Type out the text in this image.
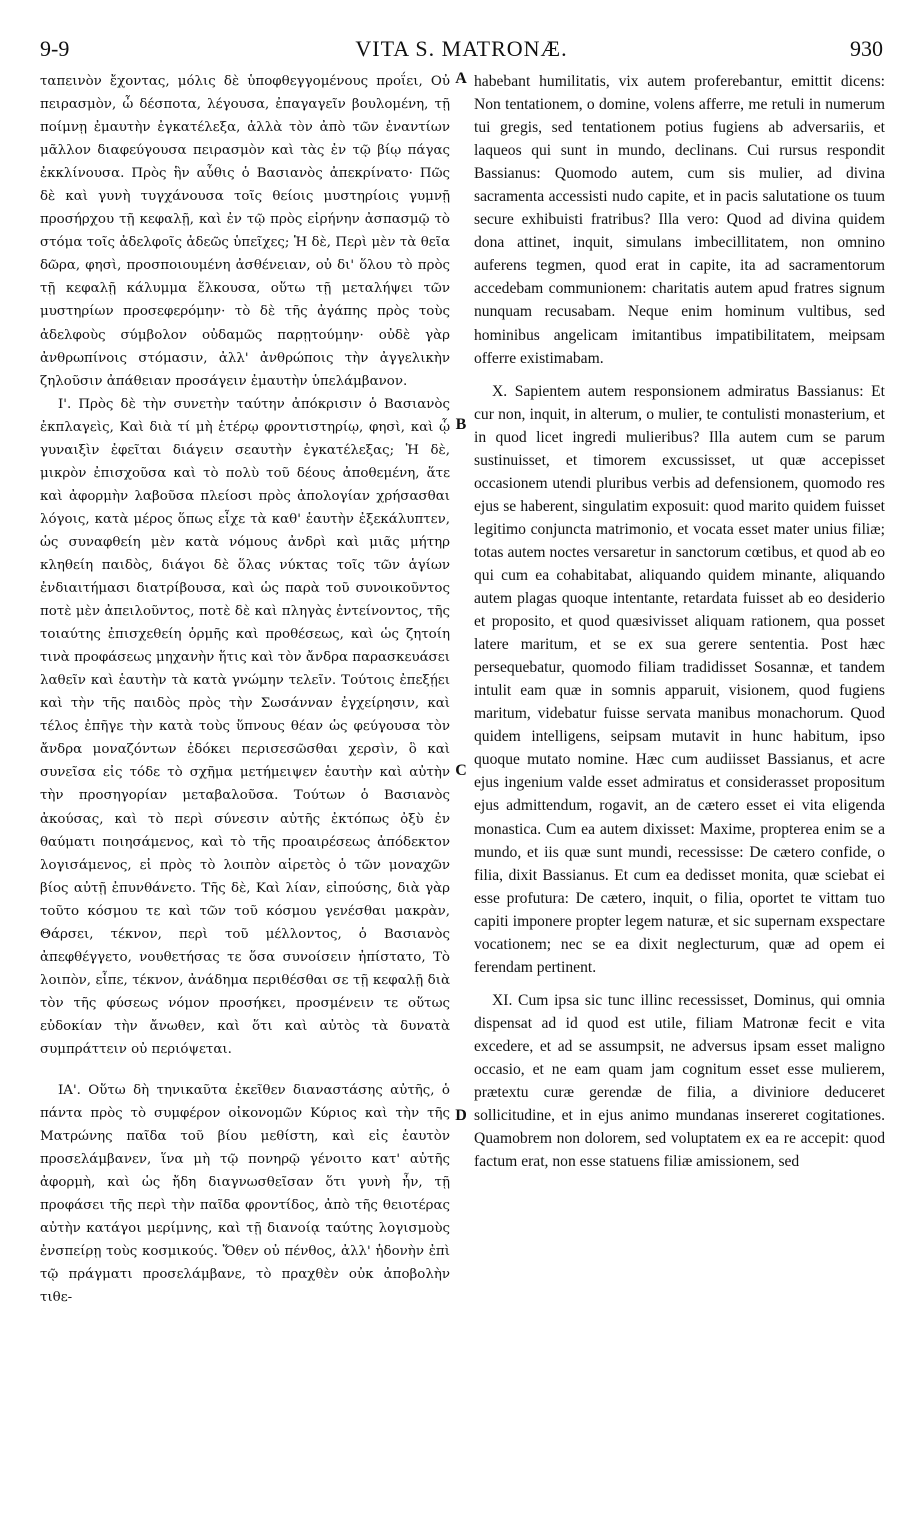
9-9	VITA S. MATRONÆ.	930

ταπεινὸν ἔχοντας, μόλις δὲ ὑποφθεγγομένους προΐει, Οὐ πειρασμὸν, ὦ δέσποτα, λέγουσα, ἐπαγαγεῖν βουλομένη, τῇ ποίμνῃ ἐμαυτὴν ἐγκατέλεξα, ἀλλὰ τὸν ἀπὸ τῶν ἐναντίων μᾶλλον διαφεύγουσα πειρασμὸν καὶ τὰς ἐν τῷ βίῳ πάγας ἐκκλίνουσα. Πρὸς ἣν αὖθις ὁ Βασιανὸς ἀπεκρίνατο· Πῶς δὲ καὶ γυνὴ τυγχάνουσα τοῖς θείοις μυστηρίοις γυμνῇ προσήρχου τῇ κεφαλῇ, καὶ ἐν τῷ πρὸς εἰρήνην ἀσπασμῷ τὸ στόμα τοῖς ἀδελφοῖς ἀδεῶς ὑπεῖχες; Ἡ δὲ, Περὶ μὲν τὰ θεῖα δῶρα, φησὶ, προσποιουμένη ἀσθένειαν, οὐ δι' ὅλου τὸ πρὸς τῇ κεφαλῇ κάλυμμα ἕλκουσα, οὕτω τῇ μεταλήψει τῶν μυστηρίων προσεφερόμην· τὸ δὲ τῆς ἀγάπης πρὸς τοὺς ἀδελφοὺς σύμβολον οὐδαμῶς παρῃτούμην· οὐδὲ γὰρ ἀνθρωπίνοις στόμασιν, ἀλλ' ἀνθρώποις τὴν ἀγγελικὴν ζηλοῦσιν ἀπάθειαν προσάγειν ἐμαυτὴν ὑπελάμβανον.

Ι'. Πρὸς δὲ τὴν συνετὴν ταύτην ἀπόκρισιν ὁ Βασιανὸς ἐκπλαγεὶς, Καὶ διὰ τί μὴ ἑτέρῳ φροντιστηρίῳ, φησὶ, καὶ ᾧ γυναιξὶν ἐφεῖται διάγειν σεαυτὴν ἐγκατέλεξας; Ἡ δὲ, μικρὸν ἐπισχοῦσα καὶ τὸ πολὺ τοῦ δέους ἀποθεμένη, ἅτε καὶ ἀφορμὴν λαβοῦσα πλείοσι πρὸς ἀπολογίαν χρήσασθαι λόγοις, κατὰ μέρος ὅπως εἶχε τὰ καθ' ἑαυτὴν ἐξεκάλυπτεν, ὡς συναφθείη μὲν κατὰ νόμους ἀνδρὶ καὶ μιᾶς μήτηρ κληθείη παιδὸς, διάγοι δὲ ὅλας νύκτας τοῖς τῶν ἁγίων ἐνδιαιτήμασι διατρίβουσα, καὶ ὡς παρὰ τοῦ συνοικοῦντος ποτὲ μὲν ἀπειλοῦντος, ποτὲ δὲ καὶ πληγὰς ἐντείνοντος, τῆς τοιαύτης ἐπισχεθείη ὁρμῆς καὶ προθέσεως, καὶ ὡς ζητοίη τινὰ προφάσεως μηχανὴν ἥτις καὶ τὸν ἄνδρα παρασκευάσει λαθεῖν καὶ ἑαυτὴν τὰ κατὰ γνώμην τελεῖν. Τούτοις ἐπεξῄει καὶ τὴν τῆς παιδὸς πρὸς τὴν Σωσάνναν ἐγχείρησιν, καὶ τέλος ἐπῆγε τὴν κατὰ τοὺς ὕπνους θέαν ὡς φεύγουσα τὸν ἄνδρα μοναζόντων ἐδόκει περισεσῶσθαι χερσὶν, ὃ καὶ συνεῖσα εἰς τόδε τὸ σχῆμα μετήμειψεν ἑαυτὴν καὶ αὐτὴν τὴν προσηγορίαν μεταβαλοῦσα. Τούτων ὁ Βασιανὸς ἀκούσας, καὶ τὸ περὶ σύνεσιν αὐτῆς ἐκτόπως ὀξὺ ἐν θαύματι ποιησάμενος, καὶ τὸ τῆς προαιρέσεως ἀπόδεκτον λογισάμενος, εἰ πρὸς τὸ λοιπὸν αἱρετὸς ὁ τῶν μοναχῶν βίος αὐτῇ ἐπυνθάνετο. Τῆς δὲ, Καὶ λίαν, εἰπούσης, διὰ γὰρ τοῦτο κόσμου τε καὶ τῶν τοῦ κόσμου γενέσθαι μακρὰν, Θάρσει, τέκνον, περὶ τοῦ μέλλοντος, ὁ Βασιανὸς ἀπεφθέγγετο, νουθετήσας τε ὅσα συνοίσειν ἠπίστατο, Τὸ λοιπὸν, εἶπε, τέκνον, ἀνάδημα περιθέσθαι σε τῇ κεφαλῇ διὰ τὸν τῆς φύσεως νόμον προσήκει, προσμένειν τε οὕτως εὐδοκίαν τὴν ἄνωθεν, καὶ ὅτι καὶ αὐτὸς τὰ δυνατὰ συμπράττειν οὐ περιόψεται.

ΙΑ'. Οὕτω δὴ τηνικαῦτα ἐκεῖθεν διαναστάσης αὐτῆς, ὁ πάντα πρὸς τὸ συμφέρον οἰκονομῶν Κύριος καὶ τὴν τῆς Ματρώνης παῖδα τοῦ βίου μεθίστη, καὶ εἰς ἑαυτὸν προσελάμβανεν, ἵνα μὴ τῷ πονηρῷ γένοιτο κατ' αὐτῆς ἀφορμὴ, καὶ ὡς ἤδη διαγνωσθεῖσαν ὅτι γυνὴ ἦν, τῇ προφάσει τῆς περὶ τὴν παῖδα φροντίδος, ἀπὸ τῆς θειοτέρας αὐτὴν κατάγοι μερίμνης, καὶ τῇ διανοίᾳ ταύτης λογισμοὺς ἐνσπείρῃ τοὺς κοσμικούς. Ὅθεν οὐ πένθος, ἀλλ' ἡδονὴν ἐπὶ τῷ πράγματι προσελάμβανε, τὸ πραχθὲν οὐκ ἀποβολὴν τιθε-

habebant humilitatis, vix autem proferebantur, emittit dicens: Non tentationem, o domine, volens afferre, me retuli in numerum tui gregis, sed tentationem potius fugiens ab adversariis, et laqueos qui sunt in mundo, declinans. Cui rursus respondit Bassianus: Quomodo autem, cum sis mulier, ad divina sacramenta accessisti nudo capite, et in pacis salutatione os tuum secure exhibuisti fratribus? Illa vero: Quod ad divina quidem dona attinet, inquit, simulans imbecillitatem, non omnino auferens tegmen, quod erat in capite, ita ad sacramentorum accedebam communionem: charitatis autem apud fratres signum nunquam recusabam. Neque enim hominum vultibus, sed hominibus angelicam imitantibus impatibilitatem, meipsam offerre existimabam.

X. Sapientem autem responsionem admiratus Bassianus: Et cur non, inquit, in alterum, o mulier, te contulisti monasterium, et in quod licet ingredi mulieribus? Illa autem cum se parum sustinuisset, et timorem excussisset, ut quæ accepisset occasionem utendi pluribus verbis ad defensionem, quomodo res ejus se haberent, singulatim exposuit: quod marito quidem fuisset legitimo conjuncta matrimonio, et vocata esset mater unius filiæ; totas autem noctes versaretur in sanctorum cœtibus, et quod ab eo qui cum ea cohabitabat, aliquando quidem minante, aliquando autem plagas quoque intentante, retardata fuisset ab eo desiderio et proposito, et quod quæsivisset aliquam rationem, qua posset latere maritum, et se ex sua gerere sententia. Post hæc persequebatur, quomodo filiam tradidisset Sosannæ, et tandem intulit eam quæ in somnis apparuit, visionem, quod fugiens maritum, videbatur fuisse servata manibus monachorum. Quod quidem intelligens, seipsam mutavit in hunc habitum, ipso quoque mutato nomine. Hæc cum audiisset Bassianus, et acre ejus ingenium valde esset admiratus et considerasset propositum ejus admittendum, rogavit, an de cætero esset ei vita eligenda monastica. Cum ea autem dixisset: Maxime, propterea enim se a mundo, et iis quæ sunt mundi, recessisse: De cætero confide, o filia, dixit Bassianus. Et cum ea dedisset monita, quæ sciebat ei esse profutura: De cætero, inquit, o filia, oportet te vittam tuo capiti imponere propter legem naturæ, et sic supernam exspectare vocationem; nec se ea dixit neglecturum, quæ ad opem ei ferendam pertinent.

XI. Cum ipsa sic tunc illinc recessisset, Dominus, qui omnia dispensat ad id quod est utile, filiam Matronæ fecit e vita excedere, et ad se assumpsit, ne adversus ipsam esset maligno occasio, et ne eam quam jam cognitum esset esse mulierem, prætextu curæ gerendæ de filia, a diviniore deduceret sollicitudine, et in ejus animo mundanas insereret cogitationes. Quamobrem non dolorem, sed voluptatem ex ea re accepit: quod factum erat, non esse statuens filiæ amissionem, sed

A
B
C
D
